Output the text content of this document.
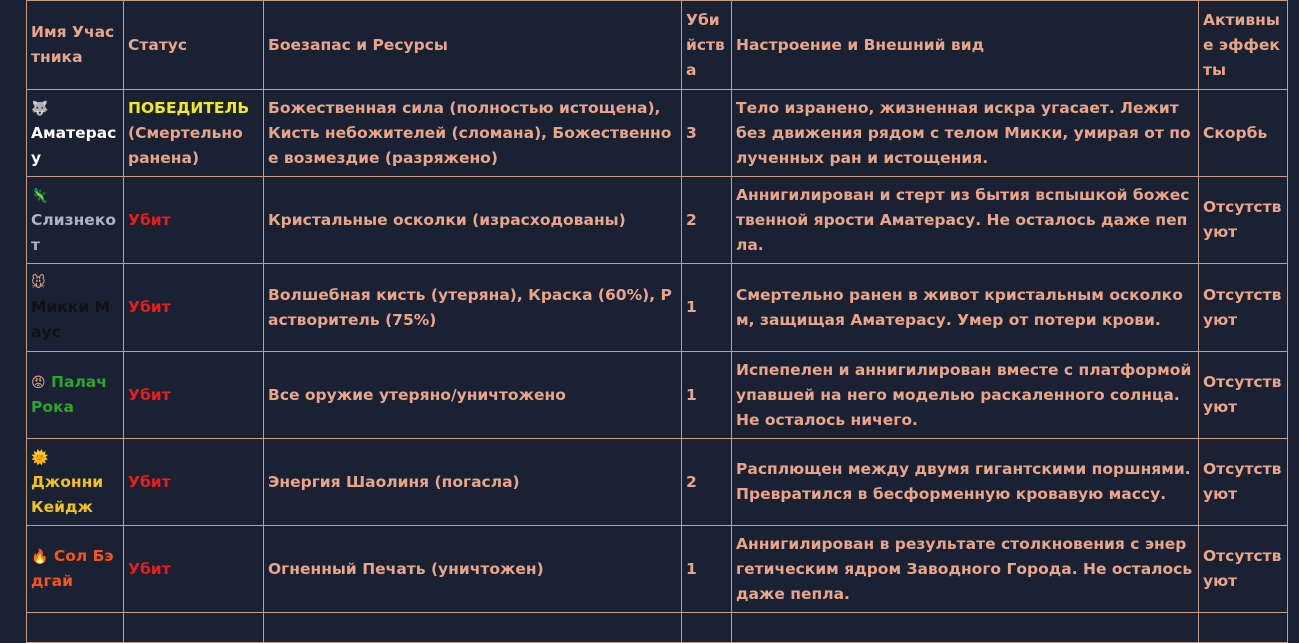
Имя Участника	Статус	Боезапас и Ресурсы	Убийства	Настроение и Внешний вид	Активные эффекты
🐺
Аматерасу	ПОБЕДИТЕЛЬ (Смертельно ранена)	Божественная сила (полностью истощена), Кисть небожителей (сломана), Божественное возмездие (разряжено)	3	Тело изранено, жизненная искра угасает. Лежит без движения рядом с телом Микки, умирая от полученных ран и истощения.	Скорбь
🦎
Слизнекот	Убит	Кристальные осколки (израсходованы)	2	Аннигилирован и стерт из бытия вспышкой божественной ярости Аматерасу. Не осталось даже пепла.	Отсутствуют
🐭
Микки Маус	Убит	Волшебная кисть (утеряна), Краска (60%), Растворитель (75%)	1	Смертельно ранен в живот кристальным осколком, защищая Аматерасу. Умер от потери крови.	Отсутствуют
😡 Палач Рока	Убит	Все оружие утеряно/уничтожено	1	Испепелен и аннигилирован вместе с платформой упавшей на него моделью раскаленного солнца. Не осталось ничего.	Отсутствуют
🌞
Джонни Кейдж	Убит	Энергия Шаолиня (погасла)	2	Расплющен между двумя гигантскими поршнями. Превратился в бесформенную кровавую массу.	Отсутствуют
🔥 Сол Бэдгай	Убит	Огненный Печать (уничтожен)	1	Аннигилирован в результате столкновения с энергетическим ядром Заводного Города. Не осталось даже пепла.	Отсутствуют
